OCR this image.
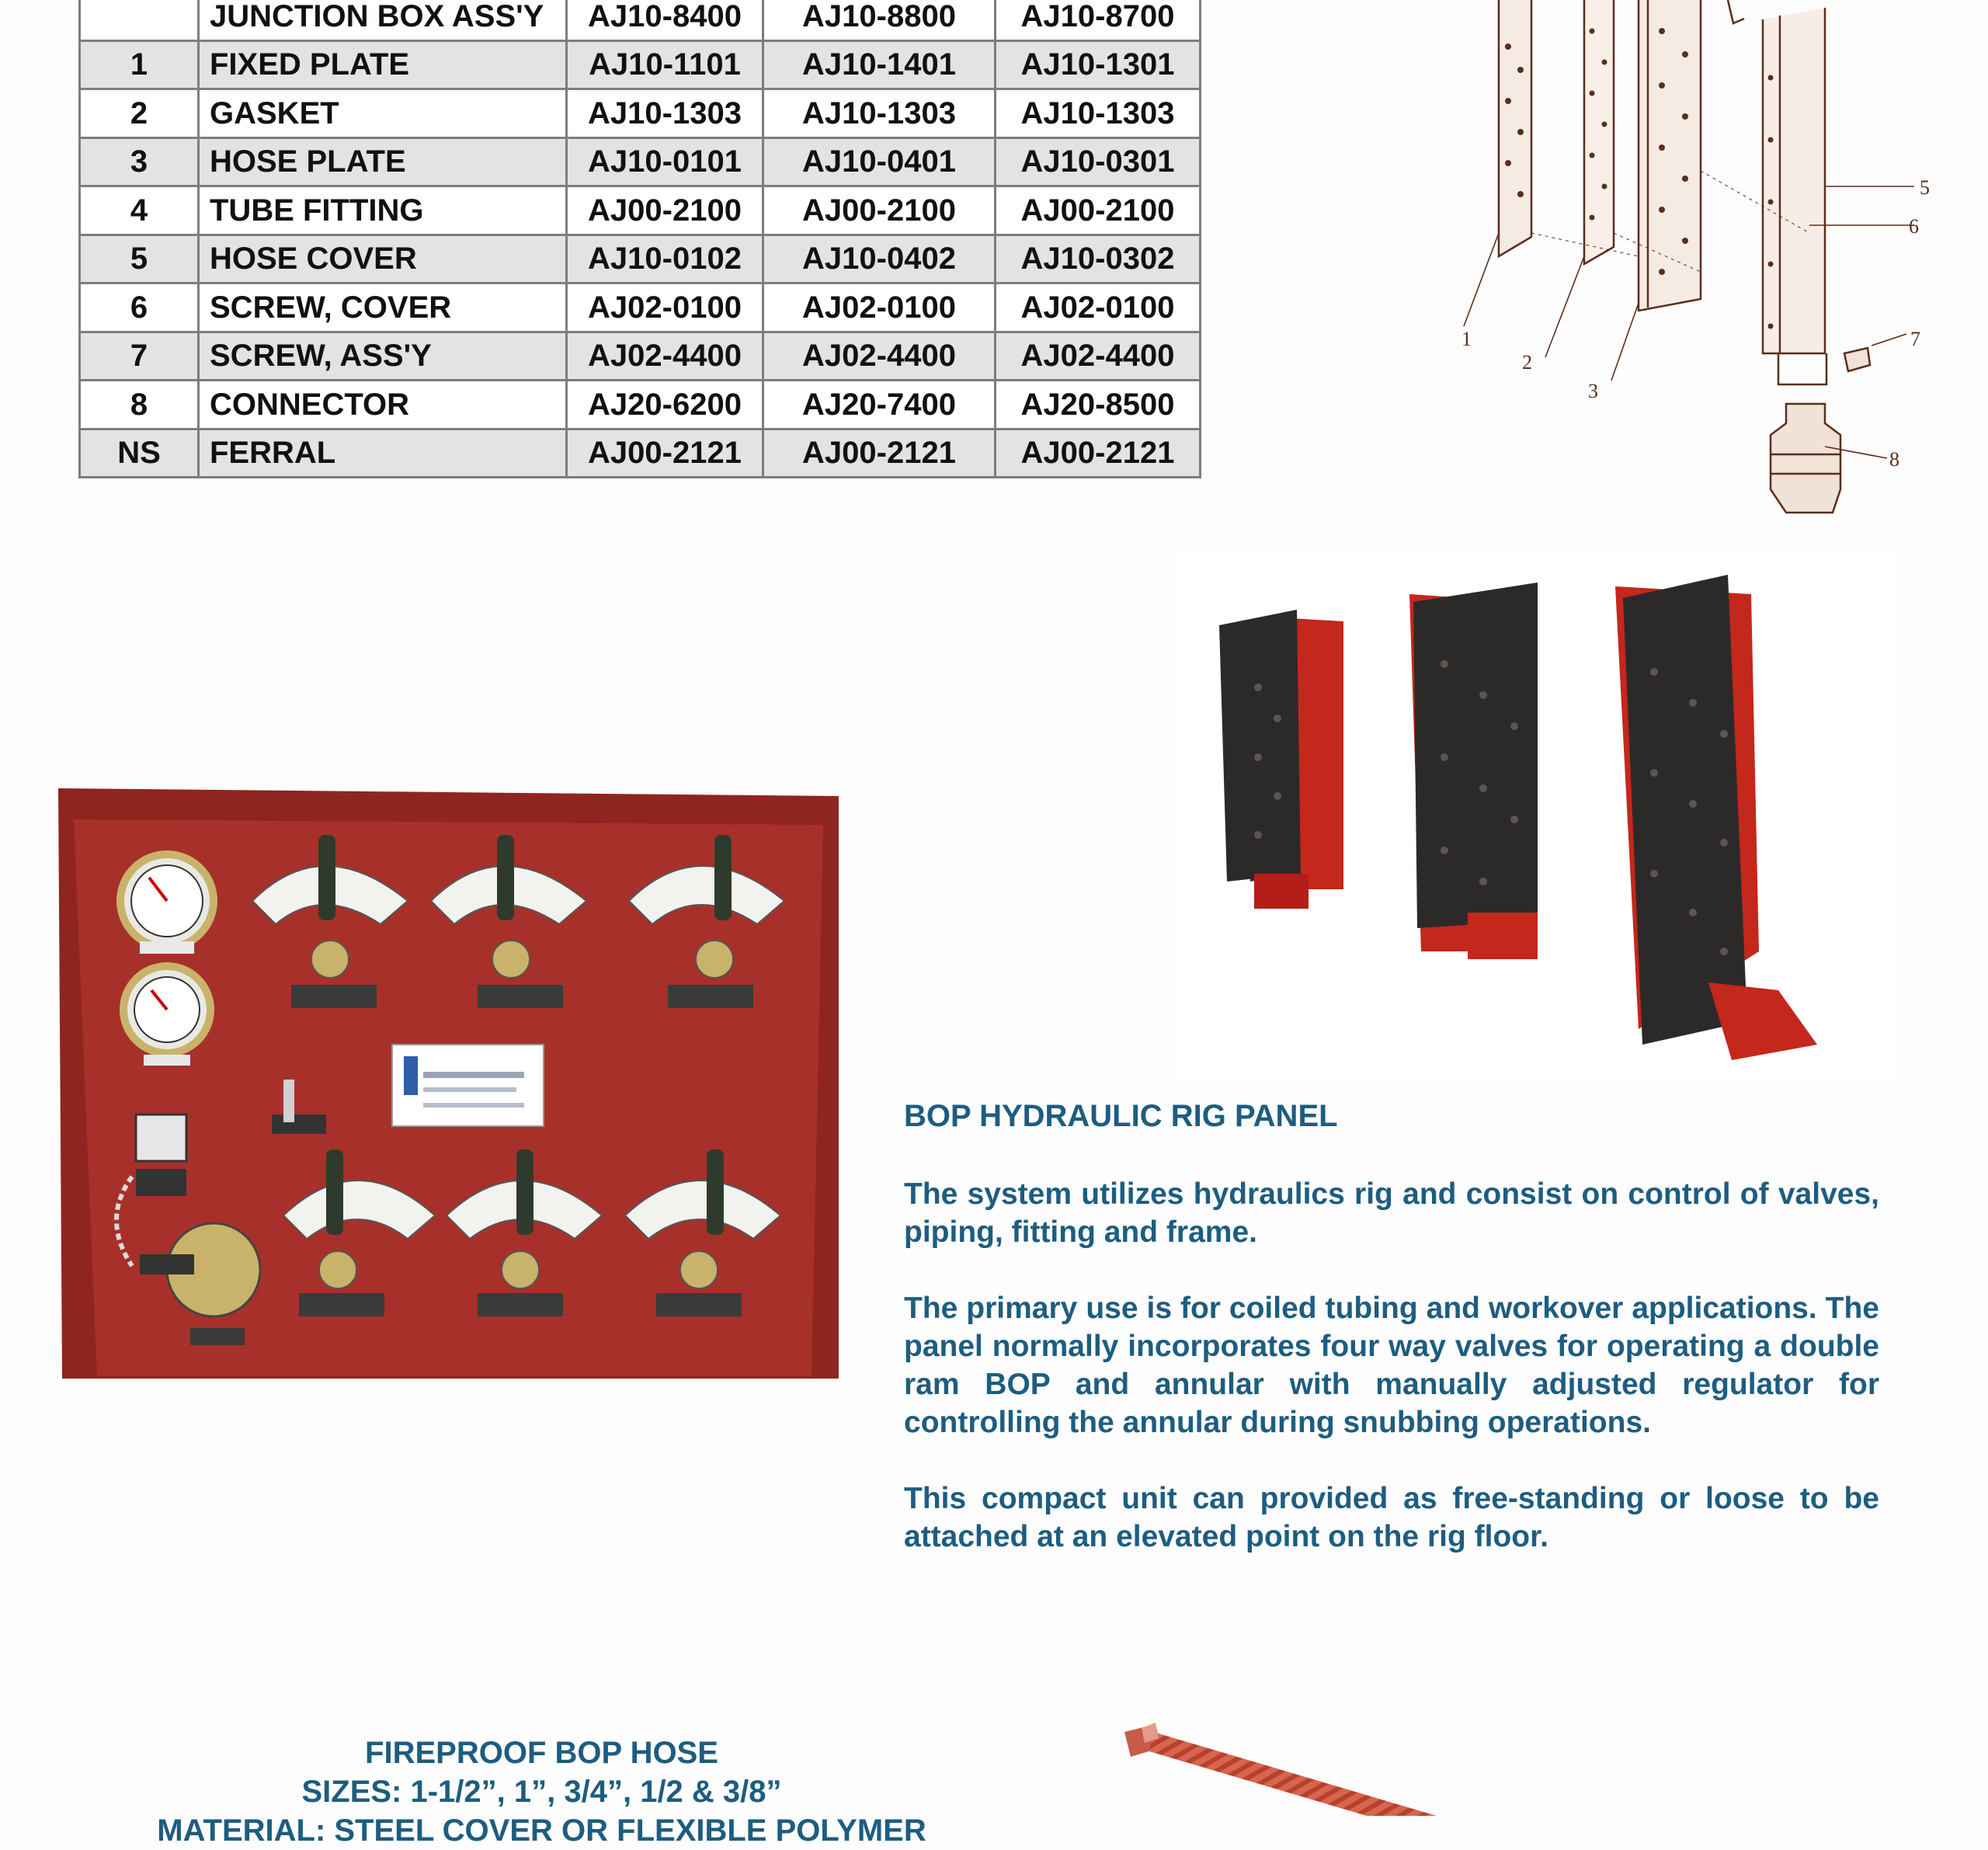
	JUNCTION BOX ASS'Y	AJ10-8400	AJ10-8800	AJ10-8700
1	FIXED PLATE	AJ10-1101	AJ10-1401	AJ10-1301
2	GASKET	AJ10-1303	AJ10-1303	AJ10-1303
3	HOSE PLATE	AJ10-0101	AJ10-0401	AJ10-0301
4	TUBE FITTING	AJ00-2100	AJ00-2100	AJ00-2100
5	HOSE COVER	AJ10-0102	AJ10-0402	AJ10-0302
6	SCREW, COVER	AJ02-0100	AJ02-0100	AJ02-0100
7	SCREW, ASS'Y	AJ02-4400	AJ02-4400	AJ02-4400
8	CONNECTOR	AJ20-6200	AJ20-7400	AJ20-8500
NS	FERRAL	AJ00-2121	AJ00-2121	AJ00-2121
1
2
3
5
6
7
8
BOP HYDRAULIC RIG PANEL

The system utilizes hydraulics rig and consist on control of valves, piping, fitting and frame.

The primary use is for coiled tubing and workover applications. The panel normally incorporates four way valves for operating a double ram BOP and annular with manually adjusted regulator for controlling the annular during snubbing operations.

This compact unit can provided as free-standing or loose to be attached at an elevated point on the rig floor.

FIREPROOF BOP HOSE
SIZES: 1-1/2”, 1”, 3/4”, 1/2 & 3/8”
MATERIAL: STEEL COVER OR FLEXIBLE POLYMER
